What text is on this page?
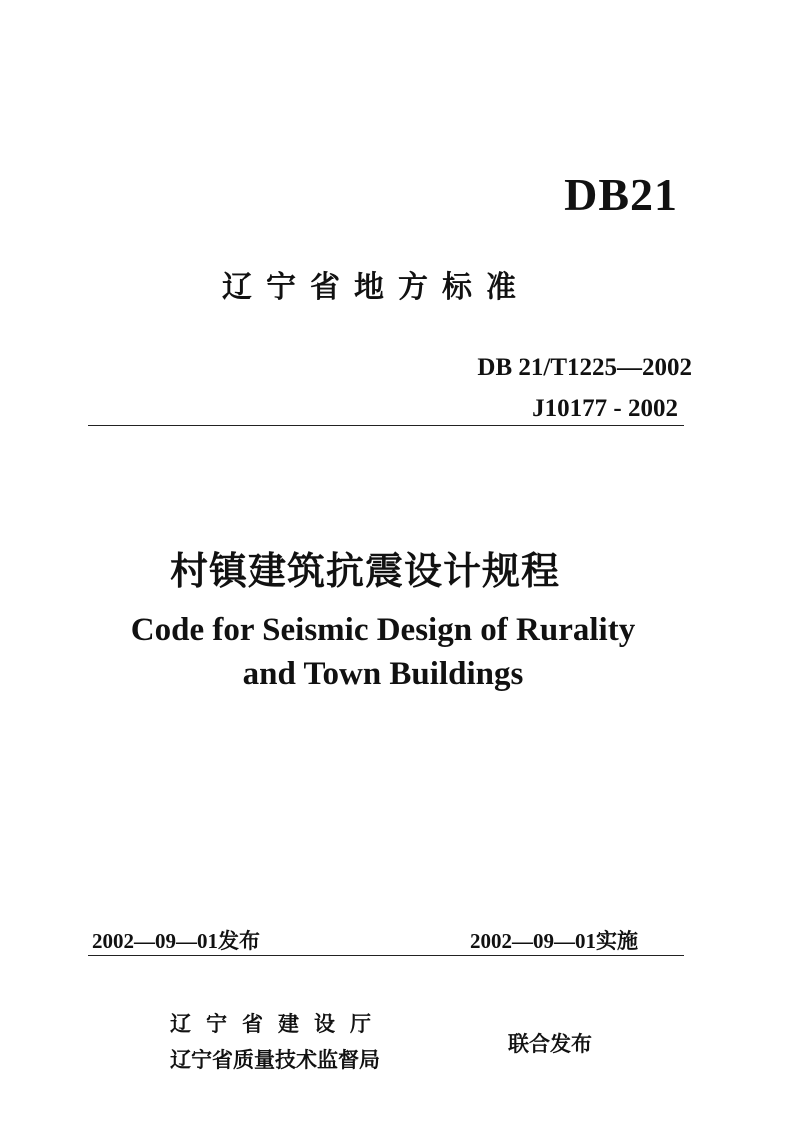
DB21
辽宁省地方标准
DB 21/T1225—2002
J10177 - 2002
村镇建筑抗震设计规程
Code for Seismic Design of Rurality
and Town Buildings
2002—09—01发布	2002—09—01实施
辽宁省建设厅
辽宁省质量技术监督局
联合发布
